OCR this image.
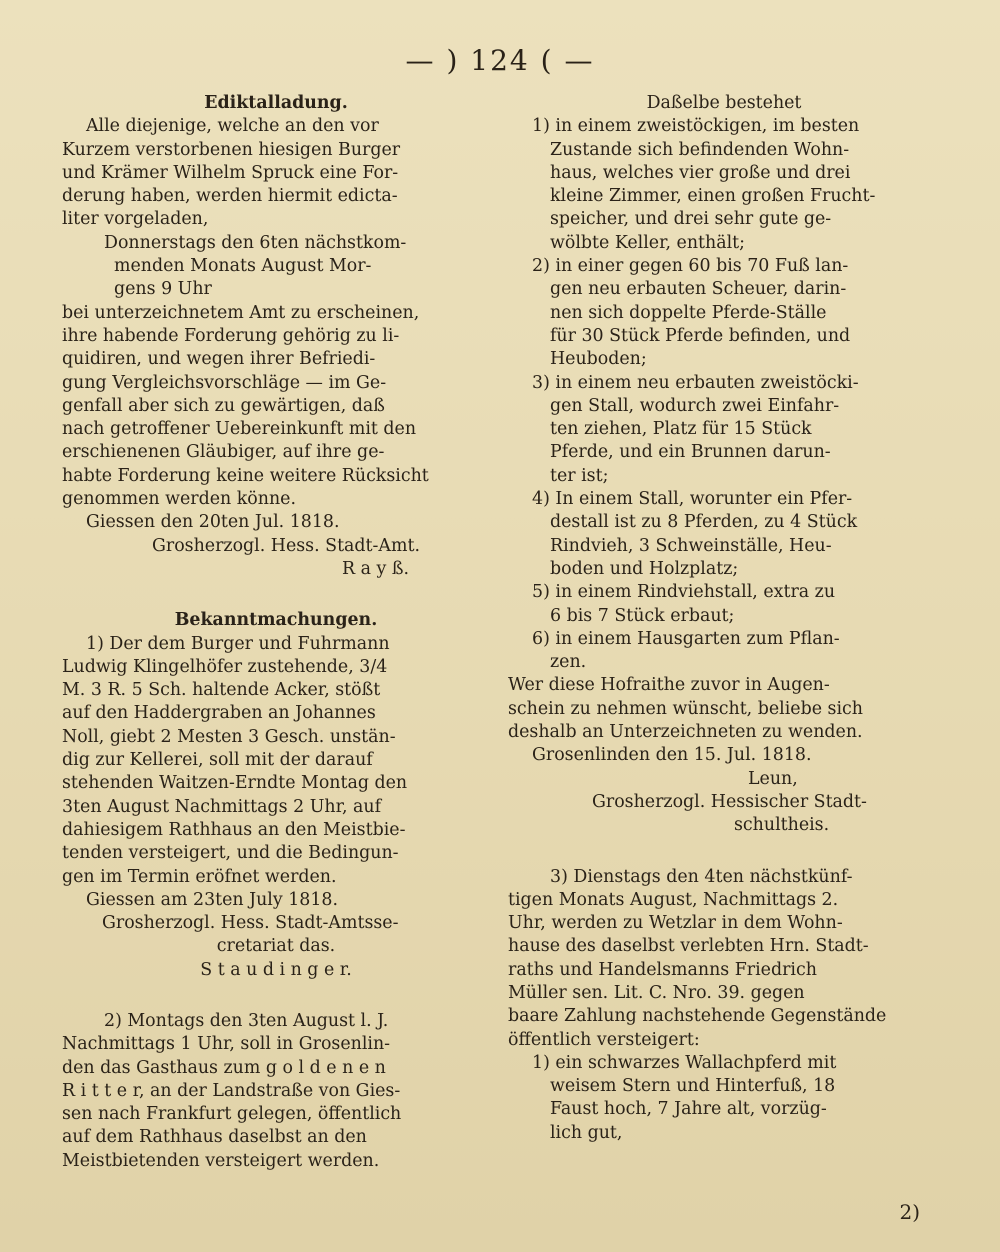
— ) 124 ( —
Ediktalladung.
Alle diejenige, welche an den vor
Kurzem verstorbenen hiesigen Burger
und Krämer Wilhelm Spruck eine For-
derung haben, werden hiermit edicta-
liter vorgeladen,
Donnerstags den 6ten nächstkom-
menden Monats August Mor-
gens 9 Uhr
bei unterzeichnetem Amt zu erscheinen,
ihre habende Forderung gehörig zu li-
quidiren, und wegen ihrer Befriedi-
gung Vergleichsvorschläge — im Ge-
genfall aber sich zu gewärtigen, daß
nach getroffener Uebereinkunft mit den
erschienenen Gläubiger, auf ihre ge-
habte Forderung keine weitere Rücksicht
genommen werden könne.
Giessen den 20ten Jul. 1818.
Grosherzogl. Hess. Stadt-Amt.
R a y ß.
Bekanntmachungen.
1) Der dem Burger und Fuhrmann
Ludwig Klingelhöfer zustehende, 3/4
M. 3 R. 5 Sch. haltende Acker, stößt
auf den Haddergraben an Johannes
Noll, giebt 2 Mesten 3 Gesch. unstän-
dig zur Kellerei, soll mit der darauf
stehenden Waitzen-Erndte Montag den
3ten August Nachmittags 2 Uhr, auf
dahiesigem Rathhaus an den Meistbie-
tenden versteigert, und die Bedingun-
gen im Termin eröfnet werden.
Giessen am 23ten July 1818.
Grosherzogl. Hess. Stadt-Amtsse-
cretariat das.
S t a u d i n g e r.
2) Montags den 3ten August l. J.
Nachmittags 1 Uhr, soll in Grosenlin-
den das Gasthaus zum g o l d e n e n
R i t t e r, an der Landstraße von Gies-
sen nach Frankfurt gelegen, öffentlich
auf dem Rathhaus daselbst an den
Meistbietenden versteigert werden.
Daßelbe bestehet
1) in einem zweistöckigen, im besten
Zustande sich befindenden Wohn-
haus, welches vier große und drei
kleine Zimmer, einen großen Frucht-
speicher, und drei sehr gute ge-
wölbte Keller, enthält;
2) in einer gegen 60 bis 70 Fuß lan-
gen neu erbauten Scheuer, darin-
nen sich doppelte Pferde-Ställe
für 30 Stück Pferde befinden, und
Heuboden;
3) in einem neu erbauten zweistöcki-
gen Stall, wodurch zwei Einfahr-
ten ziehen, Platz für 15 Stück
Pferde, und ein Brunnen darun-
ter ist;
4) In einem Stall, worunter ein Pfer-
destall ist zu 8 Pferden, zu 4 Stück
Rindvieh, 3 Schweinställe, Heu-
boden und Holzplatz;
5) in einem Rindviehstall, extra zu
6 bis 7 Stück erbaut;
6) in einem Hausgarten zum Pflan-
zen.
Wer diese Hofraithe zuvor in Augen-
schein zu nehmen wünscht, beliebe sich
deshalb an Unterzeichneten zu wenden.
Grosenlinden den 15. Jul. 1818.
Leun,
Grosherzogl. Hessischer Stadt-
schultheis.
3) Dienstags den 4ten nächstkünf-
tigen Monats August, Nachmittags 2.
Uhr, werden zu Wetzlar in dem Wohn-
hause des daselbst verlebten Hrn. Stadt-
raths und Handelsmanns Friedrich
Müller sen. Lit. C. Nro. 39. gegen
baare Zahlung nachstehende Gegenstände
öffentlich versteigert:
1) ein schwarzes Wallachpferd mit
weisem Stern und Hinterfuß, 18
Faust hoch, 7 Jahre alt, vorzüg-
lich gut,
2)
